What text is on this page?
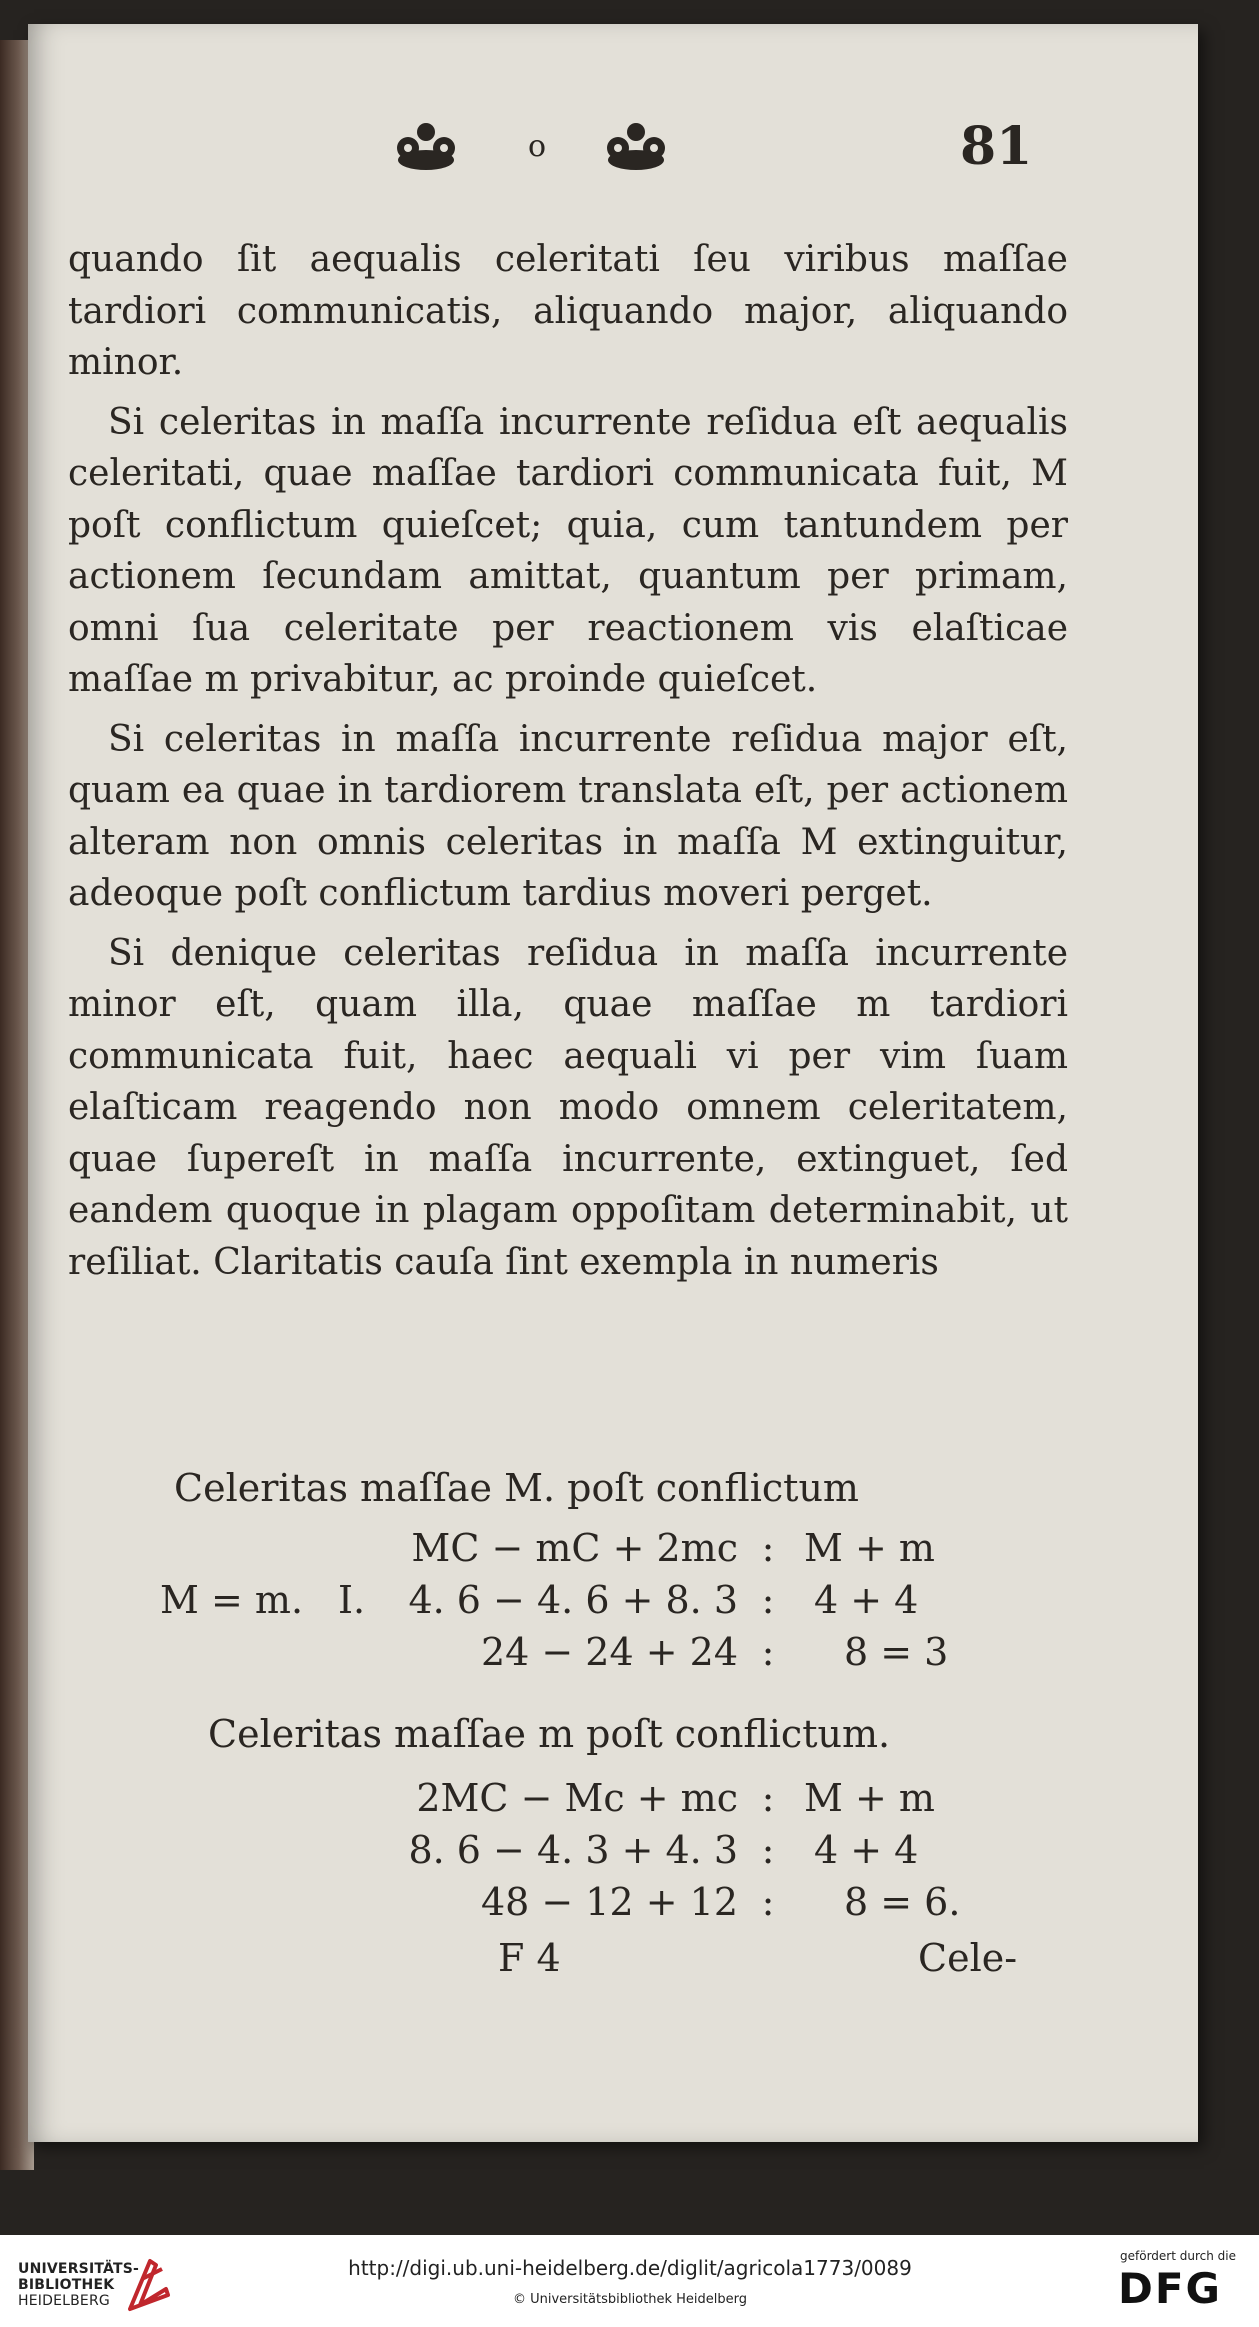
o	81

quando ſit aequalis celeritati ſeu viribus maſſae tardiori communicatis, aliquando major, aliquando minor.

Si celeritas in maſſa incurrente reſidua eſt aequalis celeritati, quae maſſae tardiori communicata fuit, M poſt conflictum quieſcet; quia, cum tantundem per actionem ſecundam amittat, quantum per primam, omni ſua celeritate per reactionem vis elaſticae maſſae m privabitur, ac proinde quieſcet.

Si celeritas in maſſa incurrente reſidua major eſt, quam ea quae in tardiorem translata eſt, per actionem alteram non omnis celeritas in maſſa M extinguitur, adeoque poſt conflictum tardius moveri perget.

Si denique celeritas reſidua in maſſa incurrente minor eſt, quam illa, quae maſſae m tardiori communicata fuit, haec aequali vi per vim ſuam elaſticam reagendo non modo omnem celeritatem, quae ſupereſt in maſſa incurrente, extinguet, ſed eandem quoque in plagam oppoſitam determinabit, ut reſiliat. Claritatis cauſa ſint exempla in numeris

Celeritas maſſae M. poſt conflictum
MC − mC + 2mc : M + m
M = m. I.	4. 6 − 4. 6 + 8. 3 :	4 + 4
24 − 24 + 24 :	8 = 3
Celeritas maſſae m poſt conflictum.
2MC − Mc + mc : M + m
8. 6 − 4. 3 + 4. 3 :	4 + 4
48 − 12 + 12 :	8 = 6.
F 4	Cele-
UNIVERSITÄTS-
BIBLIOTHEK
HEIDELBERG
http://digi.ub.uni-heidelberg.de/diglit/agricola1773/0089
© Universitätsbibliothek Heidelberg
gefördert durch die
DFG
